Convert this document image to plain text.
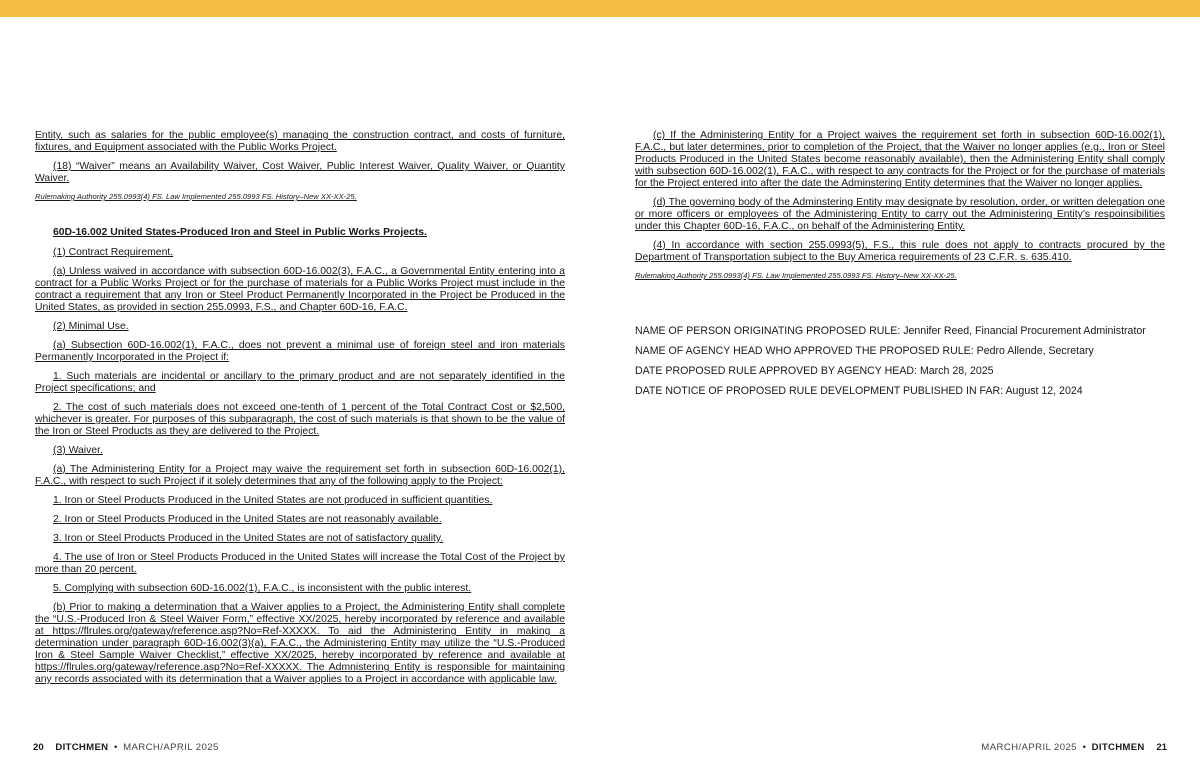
Entity, such as salaries for the public employee(s) managing the construction contract, and costs of furniture, fixtures, and Equipment associated with the Public Works Project.

(18) “Waiver” means an Availability Waiver, Cost Waiver, Public Interest Waiver, Quality Waiver, or Quantity Waiver.

Rulemaking Authority 255.0993(4) FS. Law Implemented 255.0993 FS. History–New XX-XX-25.

60D-16.002 United States-Produced Iron and Steel in Public Works Projects.

(1) Contract Requirement.

(a) Unless waived in accordance with subsection 60D-16.002(3), F.A.C., a Governmental Entity entering into a contract for a Public Works Project or for the purchase of materials for a Public Works Project must include in the contract a requirement that any Iron or Steel Product Permanently Incorporated in the Project be Produced in the United States, as provided in section 255.0993, F.S., and Chapter 60D-16, F.A.C.

(2) Minimal Use.

(a) Subsection 60D-16.002(1), F.A.C., does not prevent a minimal use of foreign steel and iron materials Permanently Incorporated in the Project if:

1. Such materials are incidental or ancillary to the primary product and are not separately identified in the Project specifications; and

2. The cost of such materials does not exceed one-tenth of 1 percent of the Total Contract Cost or $2,500, whichever is greater. For purposes of this subparagraph, the cost of such materials is that shown to be the value of the Iron or Steel Products as they are delivered to the Project.

(3) Waiver.

(a) The Administering Entity for a Project may waive the requirement set forth in subsection 60D-16.002(1), F.A.C., with respect to such Project if it solely determines that any of the following apply to the Project:

1. Iron or Steel Products Produced in the United States are not produced in sufficient quantities.

2. Iron or Steel Products Produced in the United States are not reasonably available.

3. Iron or Steel Products Produced in the United States are not of satisfactory quality.

4. The use of Iron or Steel Products Produced in the United States will increase the Total Cost of the Project by more than 20 percent.

5. Complying with subsection 60D-16.002(1), F.A.C., is inconsistent with the public interest.

(b) Prior to making a determination that a Waiver applies to a Project, the Administering Entity shall complete the “U.S.-Produced Iron & Steel Waiver Form,” effective XX/2025, hereby incorporated by reference and available at https://flrules.org/gateway/reference.asp?No=Ref-XXXXX. To aid the Administering Entity in making a determination under paragraph 60D-16.002(3)(a), F.A.C., the Administering Entity may utilize the “U.S.-Produced Iron & Steel Sample Waiver Checklist,” effective XX/2025, hereby incorporated by reference and available at https://flrules.org/gateway/reference.asp?No=Ref-XXXXX. The Admnistering Entity is responsible for maintaining any records associated with its determination that a Waiver applies to a Project in accordance with applicable law.

(c) If the Administering Entity for a Project waives the requirement set forth in subsection 60D-16.002(1), F.A.C., but later determines, prior to completion of the Project, that the Waiver no longer applies (e.g., Iron or Steel Products Produced in the United States become reasonably available), then the Administering Entity shall comply with subsection 60D-16.002(1), F.A.C., with respect to any contracts for the Project or for the purchase of materials for the Project entered into after the date the Adminstering Entity determines that the Waiver no longer applies.

(d) The governing body of the Adminstering Entity may designate by resolution, order, or written delegation one or more officers or employees of the Administering Entity to carry out the Administering Entity’s respoinsibilities under this Chapter 60D-16, F.A.C., on behalf of the Administering Entity.

(4) In accordance with section 255.0993(5), F.S., this rule does not apply to contracts procured by the Department of Transportation subject to the Buy America requirements of 23 C.F.R. s. 635.410.

Rulemaking Authority 255.0993(4) FS. Law Implemented 255.0993 FS. History–New XX-XX-25.

NAME OF PERSON ORIGINATING PROPOSED RULE: Jennifer Reed, Financial Procurement Administrator
NAME OF AGENCY HEAD WHO APPROVED THE PROPOSED RULE: Pedro Allende, Secretary
DATE PROPOSED RULE APPROVED BY AGENCY HEAD: March 28, 2025
DATE NOTICE OF PROPOSED RULE DEVELOPMENT PUBLISHED IN FAR: August 12, 2024
20 DITCHMEN • MARCH/APRIL 2025	MARCH/APRIL 2025 • DITCHMEN 21
